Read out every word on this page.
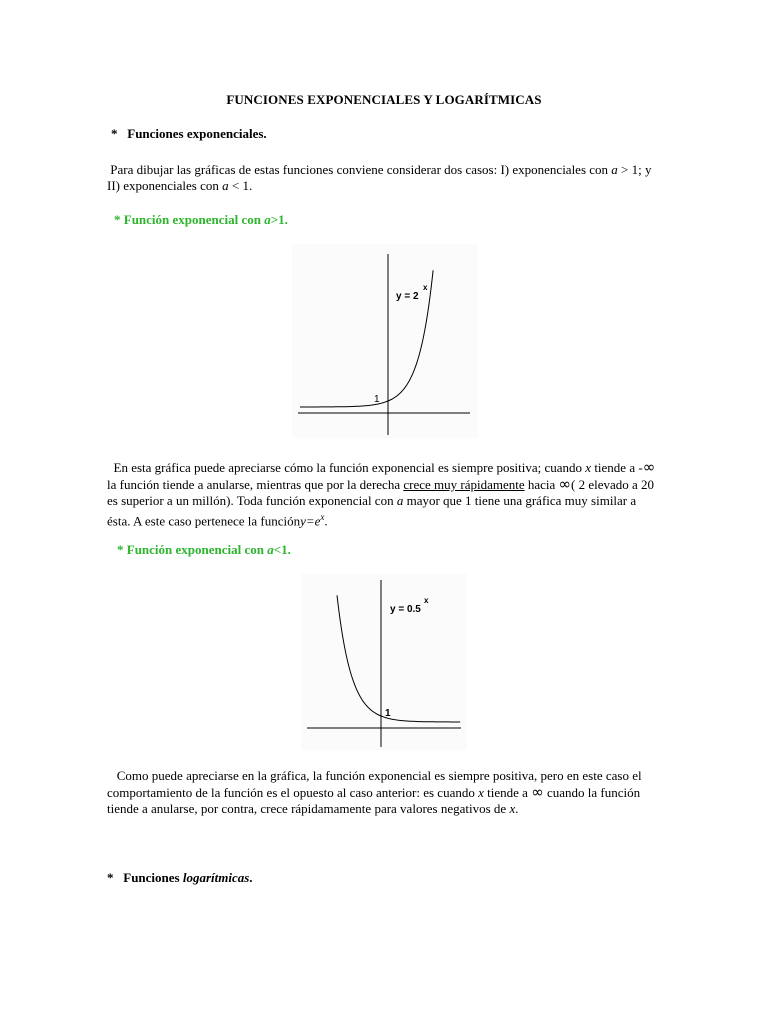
FUNCIONES EXPONENCIALES Y LOGARÍTMICAS
* Funciones exponenciales.
Para dibujar las gráficas de estas funciones conviene considerar dos casos: I) exponenciales con a > 1; y II) exponenciales con a < 1.
* Función exponencial con a>1.
y = 2
x
1
En esta gráfica puede apreciarse cómo la función exponencial es siempre positiva; cuando x tiende a -∞ la función tiende a anularse, mientras que por la derecha crece muy rápidamente hacia ∞( 2 elevado a 20 es superior a un millón). Toda función exponencial con a mayor que 1 tiene una gráfica muy similar a ésta. A este caso pertenece la $funcióny=e^x$.
* Función exponencial con a<1.
y = 0.5
x
1
Como puede apreciarse en la gráfica, la función exponencial es siempre positiva, pero en este caso el comportamiento de la función es el opuesto al caso anterior: es cuando x tiende a ∞ cuando la función tiende a anularse, por contra, crece rápidamamente para valores negativos de x.
* Funciones logarítmicas.
